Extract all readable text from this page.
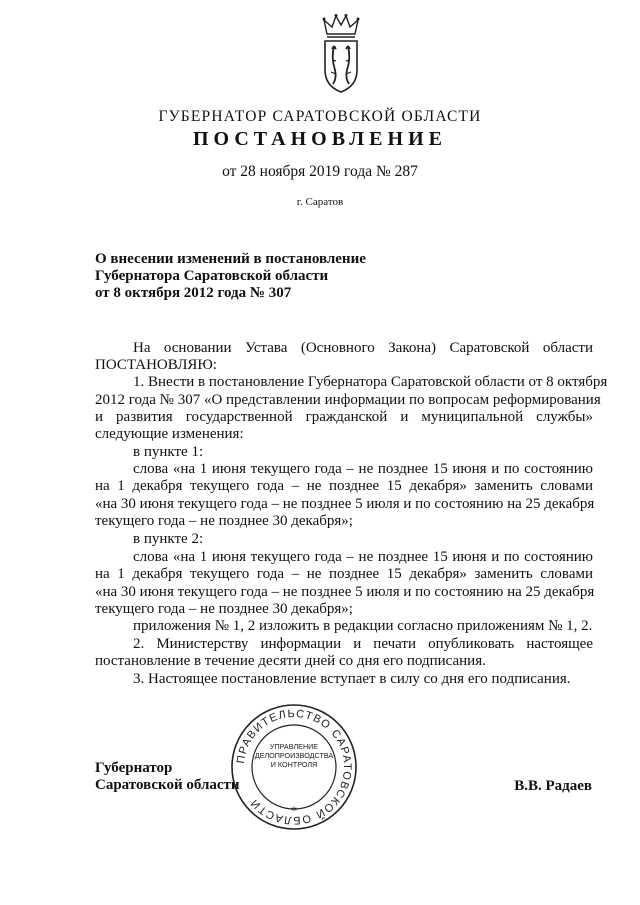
ГУБЕРНАТОР САРАТОВСКОЙ ОБЛАСТИ
ПОСТАНОВЛЕНИЕ
от 28 ноября 2019 года № 287
г. Саратов
О внесении изменений в постановление
Губернатора Саратовской области
от 8 октября 2012 года № 307
На основании Устава (Основного Закона) Саратовской области
ПОСТАНОВЛЯЮ:
1. Внести в постановление Губернатора Саратовской области от 8 октября
2012 года № 307 «О представлении информации по вопросам реформирования
и развития государственной гражданской и муниципальной службы»
следующие изменения:
в пункте 1:
слова «на 1 июня текущего года – не позднее 15 июня и по состоянию
на 1 декабря текущего года – не позднее 15 декабря» заменить словами
«на 30 июня текущего года – не позднее 5 июля и по состоянию на 25 декабря
текущего года – не позднее 30 декабря»;
в пункте 2:
слова «на 1 июня текущего года – не позднее 15 июня и по состоянию
на 1 декабря текущего года – не позднее 15 декабря» заменить словами
«на 30 июня текущего года – не позднее 5 июля и по состоянию на 25 декабря
текущего года – не позднее 30 декабря»;
приложения № 1, 2 изложить в редакции согласно приложениям № 1, 2.
2. Министерству информации и печати опубликовать настоящее
постановление в течение десяти дней со дня его подписания.
3. Настоящее постановление вступает в силу со дня его подписания.
Губернатор
Саратовской области	В.В. Радаев
ПРАВИТЕЛЬСТВО САРАТОВСКОЙ ОБЛАСТИ	*
УПРАВЛЕНИЕ
ДЕЛОПРОИЗВОДСТВА
И КОНТРОЛЯ
